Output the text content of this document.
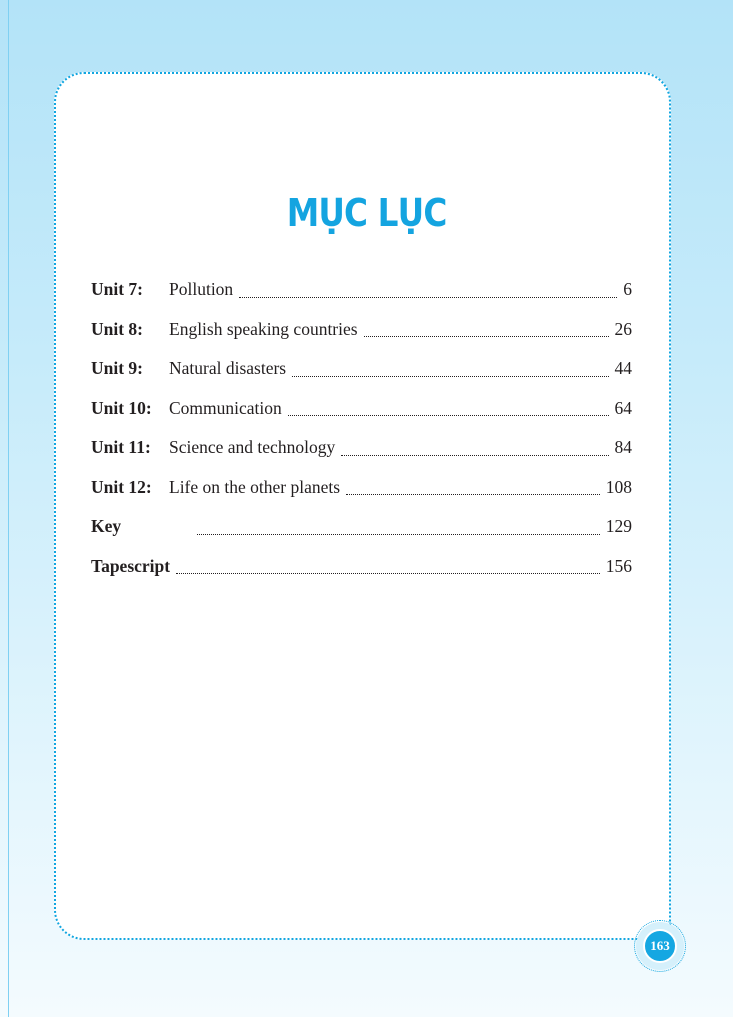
MỤC LỤC
Unit 7:	Pollution	6
Unit 8:	English speaking countries	26
Unit 9:	Natural disasters	44
Unit 10: Communication	64
Unit 11:	Science and technology	84
Unit 12: Life on the other planets	108
Key	129
Tapescript	156
163
